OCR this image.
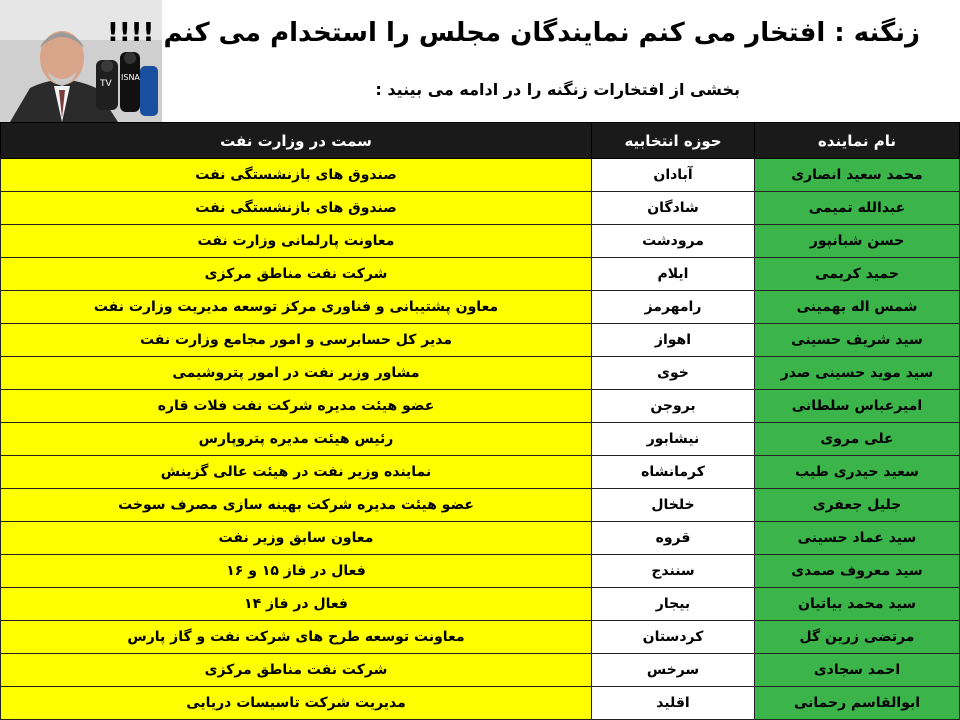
TV
ISNA
زنگنه : افتخار می کنم نمایندگان مجلس را استخدام می کنم !!!!
بخشی از افتخارات زنگنه را در ادامه می بینید :
نام نماینده	حوزه انتخابیه	سمت در وزارت نفت
محمد سعید انصاری	آبادان	صندوق های بازنشستگی نفت
عبدالله تمیمی	شادگان	صندوق های بازنشستگی نفت
حسن شبانپور	مرودشت	معاونت پارلمانی وزارت نفت
حمید کریمی	ایلام	شرکت نفت مناطق مرکزی
شمس اله بهمینی	رامهرمز	معاون پشتیبانی و فناوری مرکز توسعه مدیریت وزارت نفت
سید شریف حسینی	اهواز	مدیر کل حسابرسی و امور مجامع وزارت نفت
سید موید حسینی صدر	خوی	مشاور وزیر نفت در امور پتروشیمی
امیرعباس سلطانی	بروجن	عضو هیئت مدیره شرکت نفت فلات قاره
علی مروی	نیشابور	رئیس هیئت مدیره پتروپارس
سعید حیدری طیب	کرمانشاه	نماینده وزیر نفت در هیئت عالی گزینش
جلیل جعفری	خلخال	عضو هیئت مدیره شرکت بهینه سازی مصرف سوخت
سید عماد حسینی	قروه	معاون سابق وزیر نفت
سید معروف صمدی	سنندج	فعال در فاز ۱۵ و ۱۶
سید محمد بیاتیان	بیجار	فعال در فاز ۱۴
مرتضی زرین گل	کردستان	معاونت توسعه طرح های شرکت نفت و گاز پارس
احمد سجادی	سرخس	شرکت نفت مناطق مرکزی
ابوالقاسم رحمانی	اقلید	مدیریت شرکت تاسیسات دریایی
